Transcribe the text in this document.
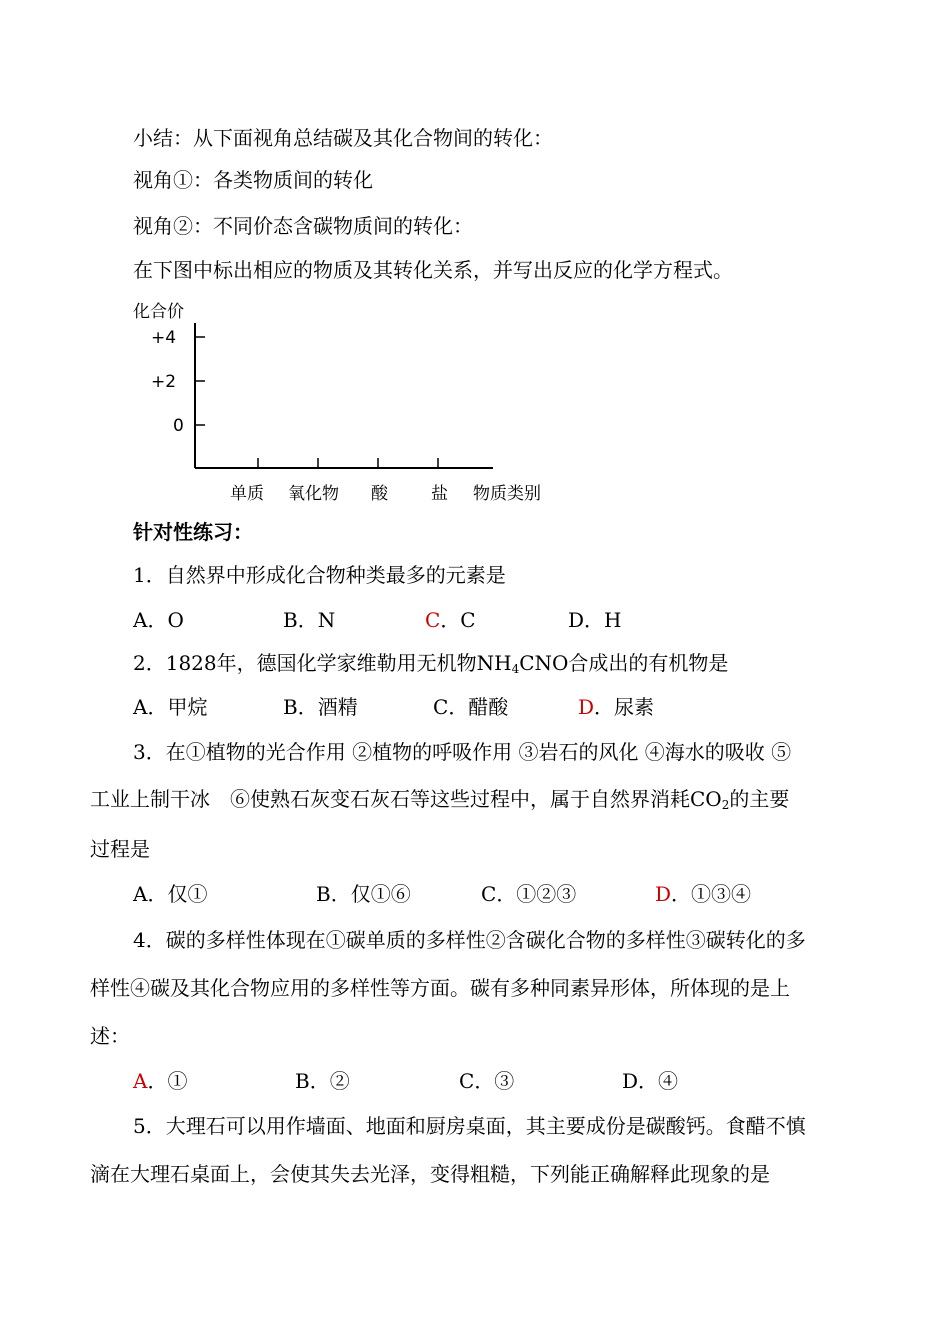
小结：从下面视角总结碳及其化合物间的转化：
视角①：各类物质间的转化
视角②：不同价态含碳物质间的转化：
在下图中标出相应的物质及其转化关系，并写出反应的化学方程式。
化合价
+4
+2
0
单质 氧化物 酸	盐 物质类别
针对性练习：
1．自然界中形成化合物种类最多的元素是
A．O	B．N	C．C	D．H
2．1828年，德国化学家维勒用无机物$NH_4CNO$合成出的有机物是
A．甲烷	B．酒精	C．醋酸	D．尿素
3．在①植物的光合作用 ②植物的呼吸作用 ③岩石的风化 ④海水的吸收 ⑤
工业上制干冰　⑥使熟石灰变石灰石等这些过程中，属于自然界消耗$CO_2$的主要
过程是
A．仅①	B．仅①⑥	C．①②③	D．①③④
4．碳的多样性体现在①碳单质的多样性②含碳化合物的多样性③碳转化的多
样性④碳及其化合物应用的多样性等方面。碳有多种同素异形体，所体现的是上
述：
A．①	B．②	C．③	D．④
5．大理石可以用作墙面、地面和厨房桌面，其主要成份是碳酸钙。食醋不慎
滴在大理石桌面上，会使其失去光泽，变得粗糙，下列能正确解释此现象的是
